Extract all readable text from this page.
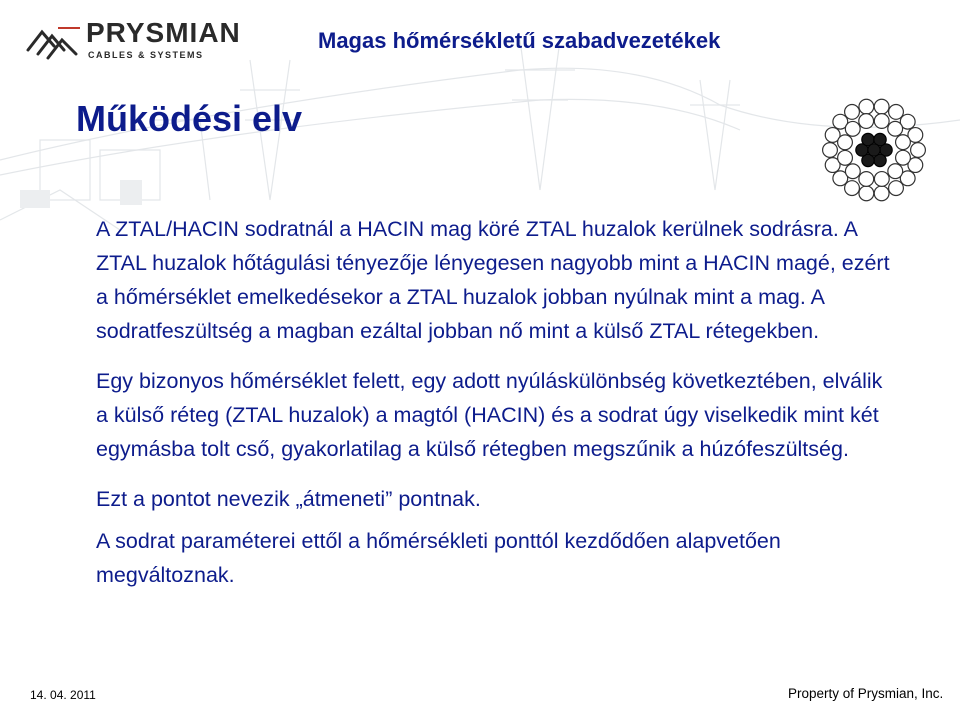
PRYSMIAN
CABLES & SYSTEMS
Magas hőmérsékletű szabadvezetékek
Működési elv

A ZTAL/HACIN sodratnál a HACIN mag köré ZTAL huzalok kerülnek sodrásra. A ZTAL huzalok hőtágulási tényezője lényegesen nagyobb mint a HACIN magé, ezért a hőmérséklet emelkedésekor a ZTAL huzalok jobban nyúlnak mint a mag. A sodratfeszültség a magban ezáltal jobban nő mint a külső ZTAL rétegekben.

Egy bizonyos hőmérséklet felett, egy adott nyúláskülönbség következtében, elválik a külső réteg (ZTAL huzalok) a magtól (HACIN) és a sodrat úgy viselkedik mint két egymásba tolt cső, gyakorlatilag a külső rétegben megszűnik a húzófeszültség.

Ezt a pontot nevezik „átmeneti” pontnak.

A sodrat paraméterei ettől a hőmérsékleti ponttól kezdődően alapvetően megváltoznak.

14. 04. 2011	Property of Prysmian, Inc.
